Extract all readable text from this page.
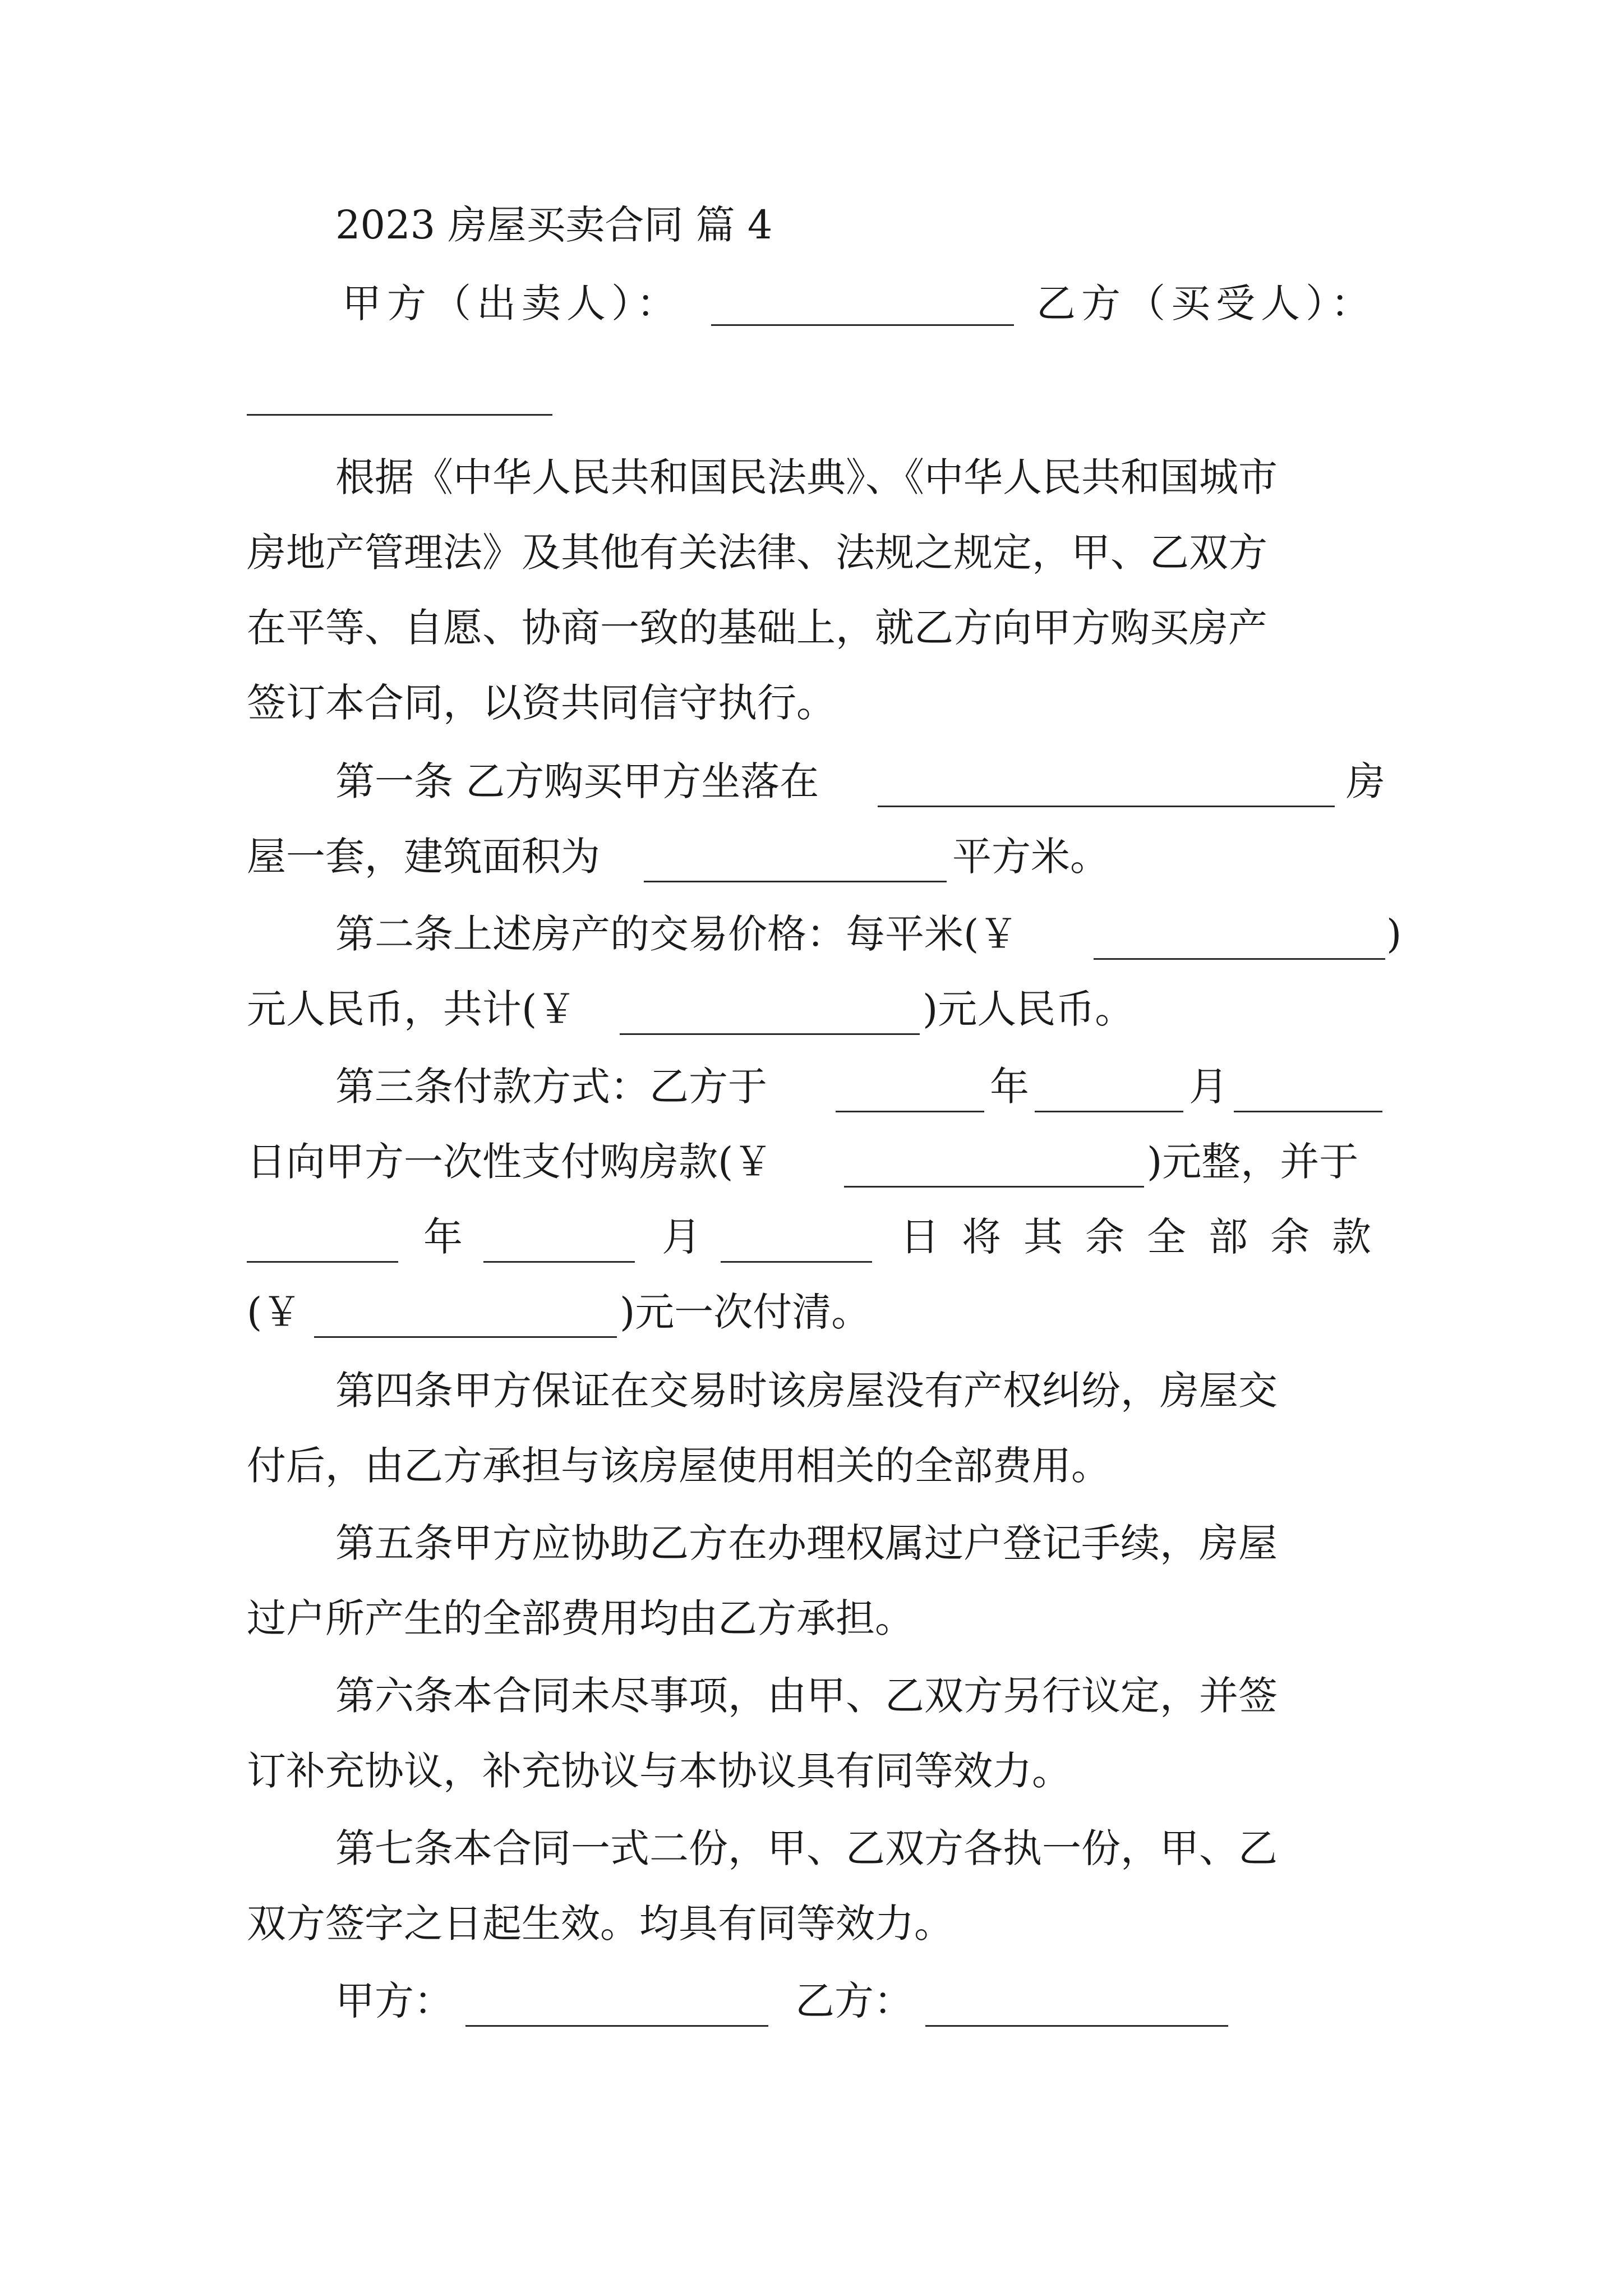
2023 房屋买卖合同 篇 4
甲方（出卖人）：	乙方（买受人）：
根据《中华人民共和国民法典》、《中华人民共和国城市
房地产管理法》及其他有关法律、法规之规定，甲、乙双方
在平等、自愿、协商一致的基础上，就乙方向甲方购买房产
签订本合同，以资共同信守执行。
第一条 乙方购买甲方坐落在	房
屋一套，建筑面积为	平方米。
第二条上述房产的交易价格：每平米(￥	)
元人民币，共计(￥	)元人民币。
第三条付款方式：乙方于	年	月
日向甲方一次性支付购房款(￥	)元整，并于
年	月	日将其余全部余款
(￥	)元一次付清。
第四条甲方保证在交易时该房屋没有产权纠纷，房屋交
付后，由乙方承担与该房屋使用相关的全部费用。
第五条甲方应协助乙方在办理权属过户登记手续，房屋
过户所产生的全部费用均由乙方承担。
第六条本合同未尽事项，由甲、乙双方另行议定，并签
订补充协议，补充协议与本协议具有同等效力。
第七条本合同一式二份，甲、乙双方各执一份，甲、乙
双方签字之日起生效。均具有同等效力。
甲方：	乙方：
